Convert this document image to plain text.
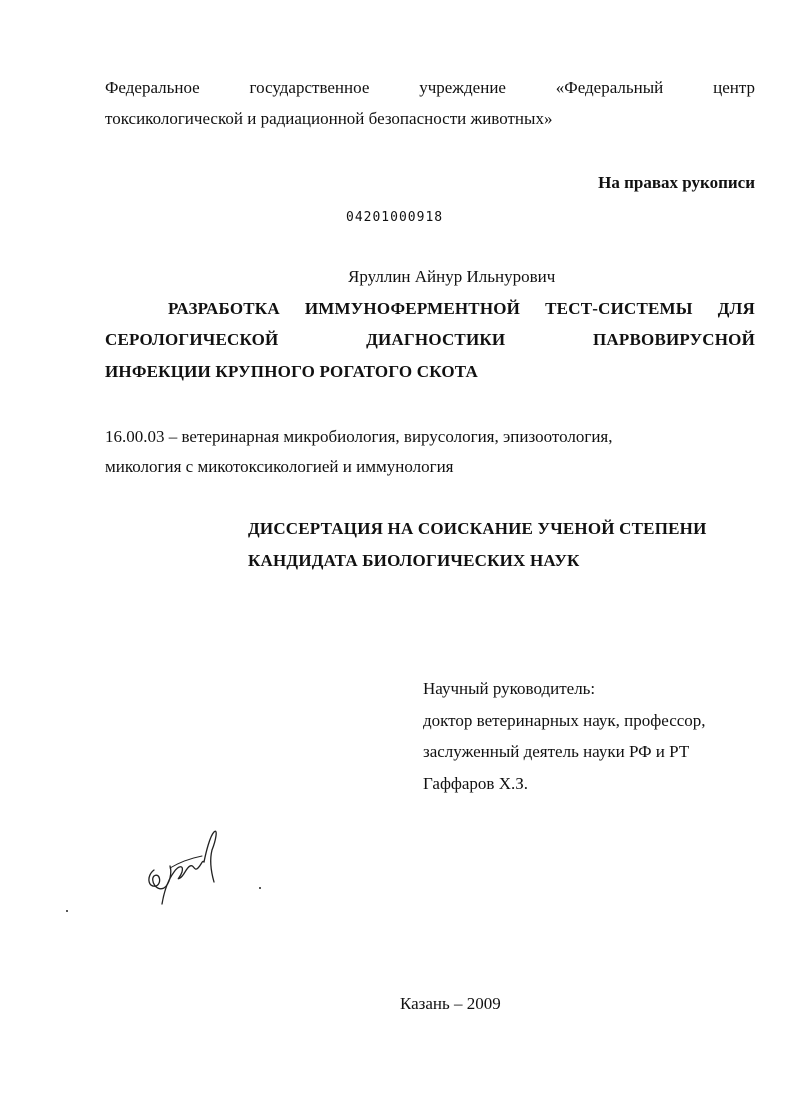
Федеральное	государственное	учреждение	«Федеральный	центр
токсикологической и радиационной безопасности животных»
На правах рукописи
04201000918
Яруллин Айнур Ильнурович
РАЗРАБОТКА ИММУНОФЕРМЕНТНОЙ ТЕСТ-СИСТЕМЫ ДЛЯ
СЕРОЛОГИЧЕСКОЙ	ДИАГНОСТИКИ	ПАРВОВИРУСНОЙ
ИНФЕКЦИИ КРУПНОГО РОГАТОГО СКОТА
16.00.03 – ветеринарная микробиология, вирусология, эпизоотология,
микология с микотоксикологией и иммунология
ДИССЕРТАЦИЯ НА СОИСКАНИЕ УЧЕНОЙ СТЕПЕНИ
КАНДИДАТА БИОЛОГИЧЕСКИХ НАУК
Научный руководитель:
доктор ветеринарных наук, профессор,
заслуженный деятель науки РФ и РТ
Гаффаров Х.З.
Казань – 2009
